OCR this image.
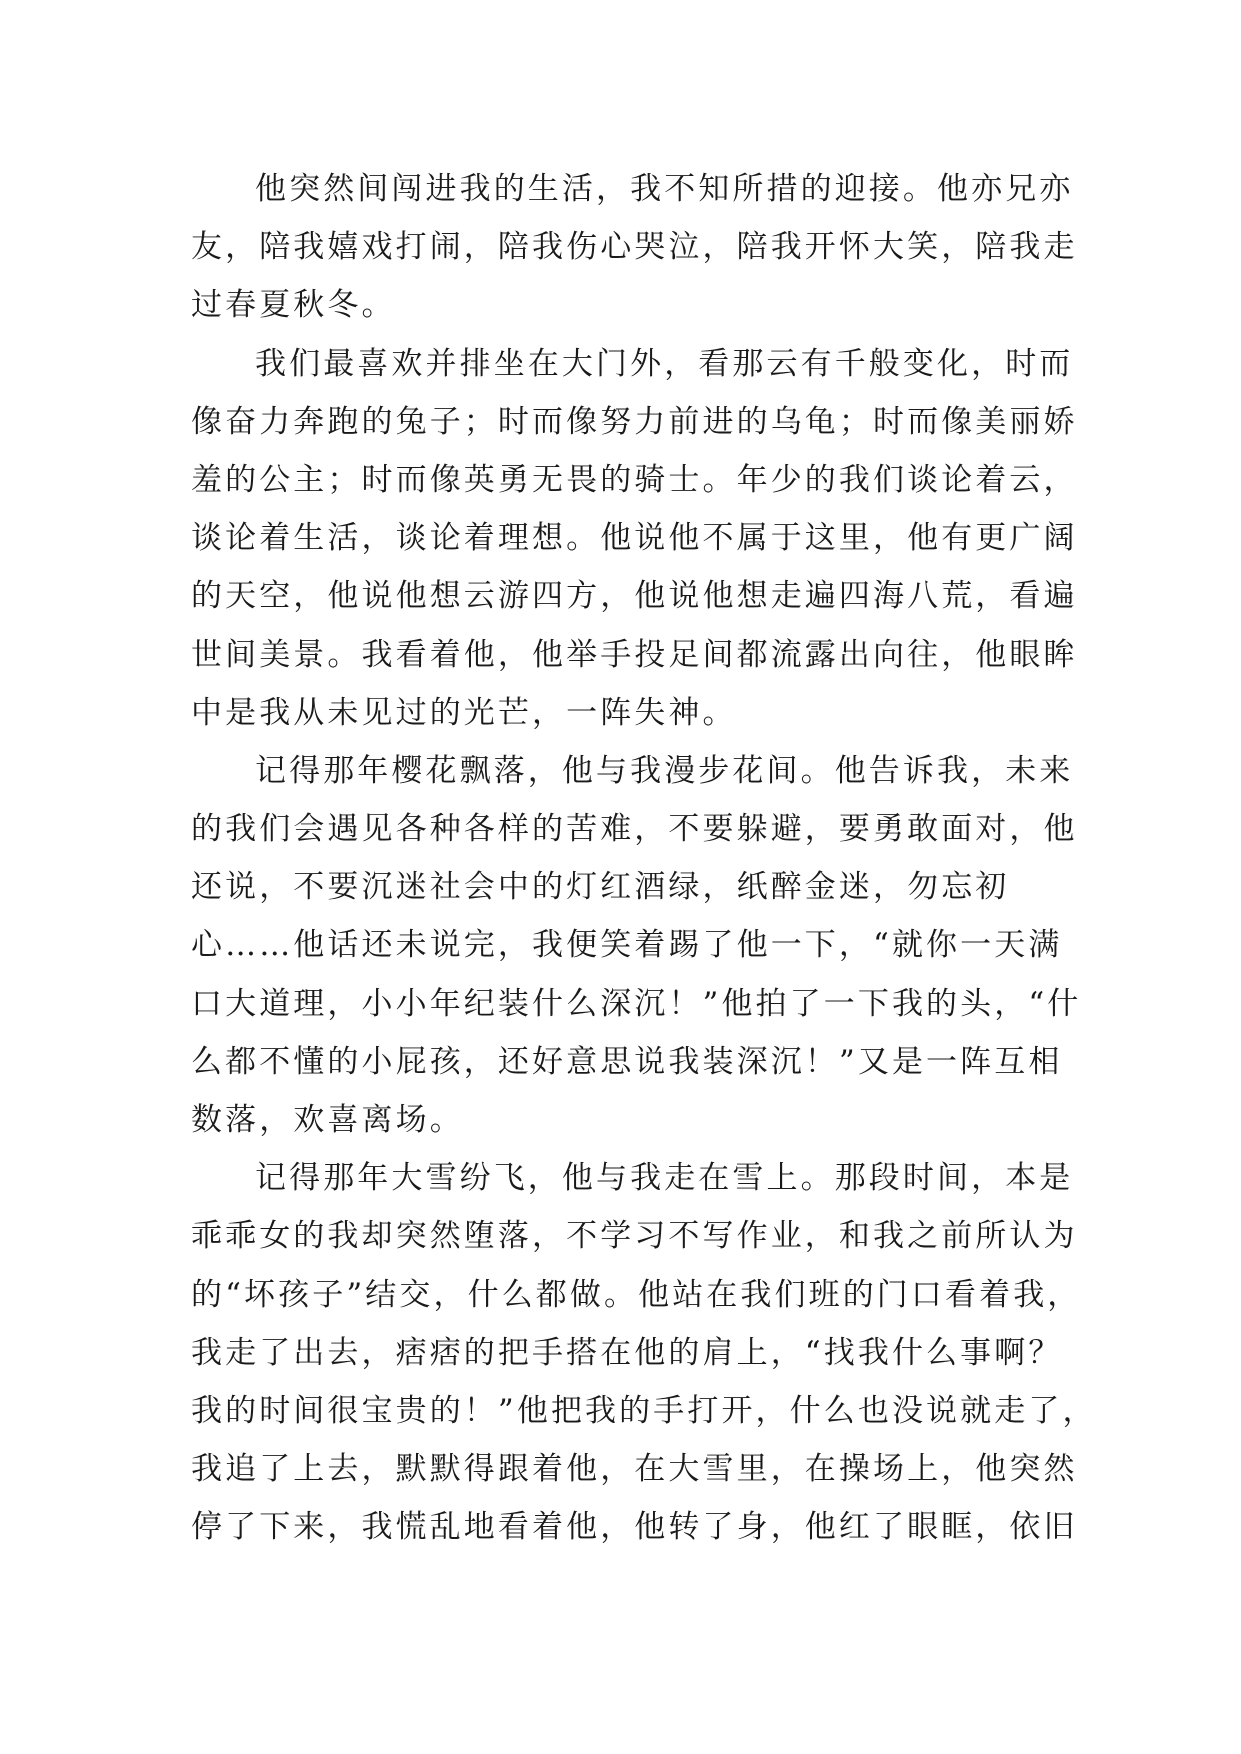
他突然间闯进我的生活，我不知所措的迎接。他亦兄亦
友，陪我嬉戏打闹，陪我伤心哭泣，陪我开怀大笑，陪我走
过春夏秋冬。
我们最喜欢并排坐在大门外，看那云有千般变化，时而
像奋力奔跑的兔子；时而像努力前进的乌龟；时而像美丽娇
羞的公主；时而像英勇无畏的骑士。年少的我们谈论着云，
谈论着生活，谈论着理想。他说他不属于这里，他有更广阔
的天空，他说他想云游四方，他说他想走遍四海八荒，看遍
世间美景。我看着他，他举手投足间都流露出向往，他眼眸
中是我从未见过的光芒，一阵失神。
记得那年樱花飘落，他与我漫步花间。他告诉我，未来
的我们会遇见各种各样的苦难，不要躲避，要勇敢面对，他
还说，不要沉迷社会中的灯红酒绿，纸醉金迷，勿忘初
心……他话还未说完，我便笑着踢了他一下，“就你一天满
口大道理，小小年纪装什么深沉！”他拍了一下我的头，“什
么都不懂的小屁孩，还好意思说我装深沉！”又是一阵互相
数落，欢喜离场。
记得那年大雪纷飞，他与我走在雪上。那段时间，本是
乖乖女的我却突然堕落，不学习不写作业，和我之前所认为
的“坏孩子”结交，什么都做。他站在我们班的门口看着我，
我走了出去，痞痞的把手搭在他的肩上，“找我什么事啊？
我的时间很宝贵的！”他把我的手打开，什么也没说就走了，
我追了上去，默默得跟着他，在大雪里，在操场上，他突然
停了下来，我慌乱地看着他，他转了身，他红了眼眶，依旧
